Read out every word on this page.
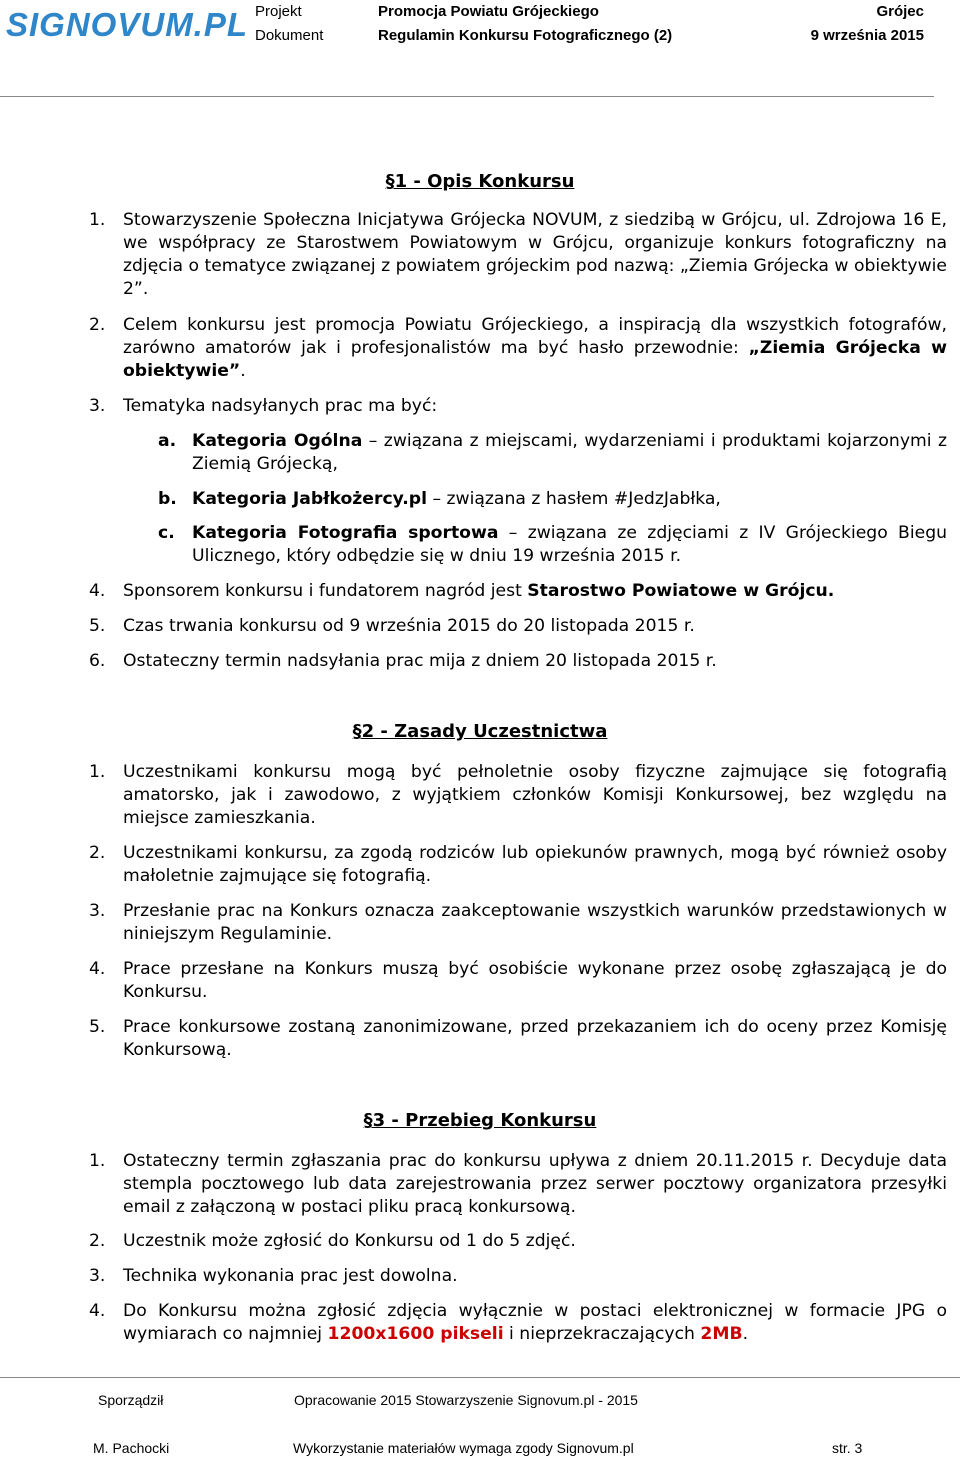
SIGNOVUM.PL Projekt	Promocja Powiatu Grójeckiego	Grójec
Dokument	Regulamin Konkursu Fotograficznego (2)	9 września 2015
§1 - Opis Konkursu
1. Stowarzyszenie Społeczna Inicjatywa Grójecka NOVUM, z siedzibą w Grójcu, ul. Zdrojowa 16 E, we współpracy ze Starostwem Powiatowym w Grójcu, organizuje konkurs fotograficzny na zdjęcia o tematyce związanej z powiatem grójeckim pod nazwą: „Ziemia Grójecka w obiektywie 2”.
2. Celem konkursu jest promocja Powiatu Grójeckiego, a inspiracją dla wszystkich fotografów, zarówno amatorów jak i profesjonalistów ma być hasło przewodnie: „Ziemia Grójecka w obiektywie”.
3. Tematyka nadsyłanych prac ma być:
a. Kategoria Ogólna – związana z miejscami, wydarzeniami i produktami kojarzonymi z Ziemią Grójecką,
b. Kategoria Jabłkożercy.pl – związana z hasłem #JedzJabłka,
c. Kategoria Fotografia sportowa – związana ze zdjęciami z IV Grójeckiego Biegu Ulicznego, który odbędzie się w dniu 19 września 2015 r.
4. Sponsorem konkursu i fundatorem nagród jest Starostwo Powiatowe w Grójcu.
5. Czas trwania konkursu od 9 września 2015 do 20 listopada 2015 r.
6. Ostateczny termin nadsyłania prac mija z dniem 20 listopada 2015 r.
§2 - Zasady Uczestnictwa
1. Uczestnikami konkursu mogą być pełnoletnie osoby fizyczne zajmujące się fotografią amatorsko, jak i zawodowo, z wyjątkiem członków Komisji Konkursowej, bez względu na miejsce zamieszkania.
2. Uczestnikami konkursu, za zgodą rodziców lub opiekunów prawnych, mogą być również osoby małoletnie zajmujące się fotografią.
3. Przesłanie prac na Konkurs oznacza zaakceptowanie wszystkich warunków przedstawionych w niniejszym Regulaminie.
4. Prace przesłane na Konkurs muszą być osobiście wykonane przez osobę zgłaszającą je do Konkursu.
5. Prace konkursowe zostaną zanonimizowane, przed przekazaniem ich do oceny przez Komisję Konkursową.
§3 - Przebieg Konkursu
1. Ostateczny termin zgłaszania prac do konkursu upływa z dniem 20.11.2015 r. Decyduje data stempla pocztowego lub data zarejestrowania przez serwer pocztowy organizatora przesyłki email z załączoną w postaci pliku pracą konkursową.
2. Uczestnik może zgłosić do Konkursu od 1 do 5 zdjęć.
3. Technika wykonania prac jest dowolna.
4. Do Konkursu można zgłosić zdjęcia wyłącznie w postaci elektronicznej w formacie JPG o wymiarach co najmniej 1200x1600 pikseli i nieprzekraczających 2MB.
Sporządził	Opracowanie 2015 Stowarzyszenie Signovum.pl - 2015
M. Pachocki	Wykorzystanie materiałów wymaga zgody Signovum.pl	str. 3
